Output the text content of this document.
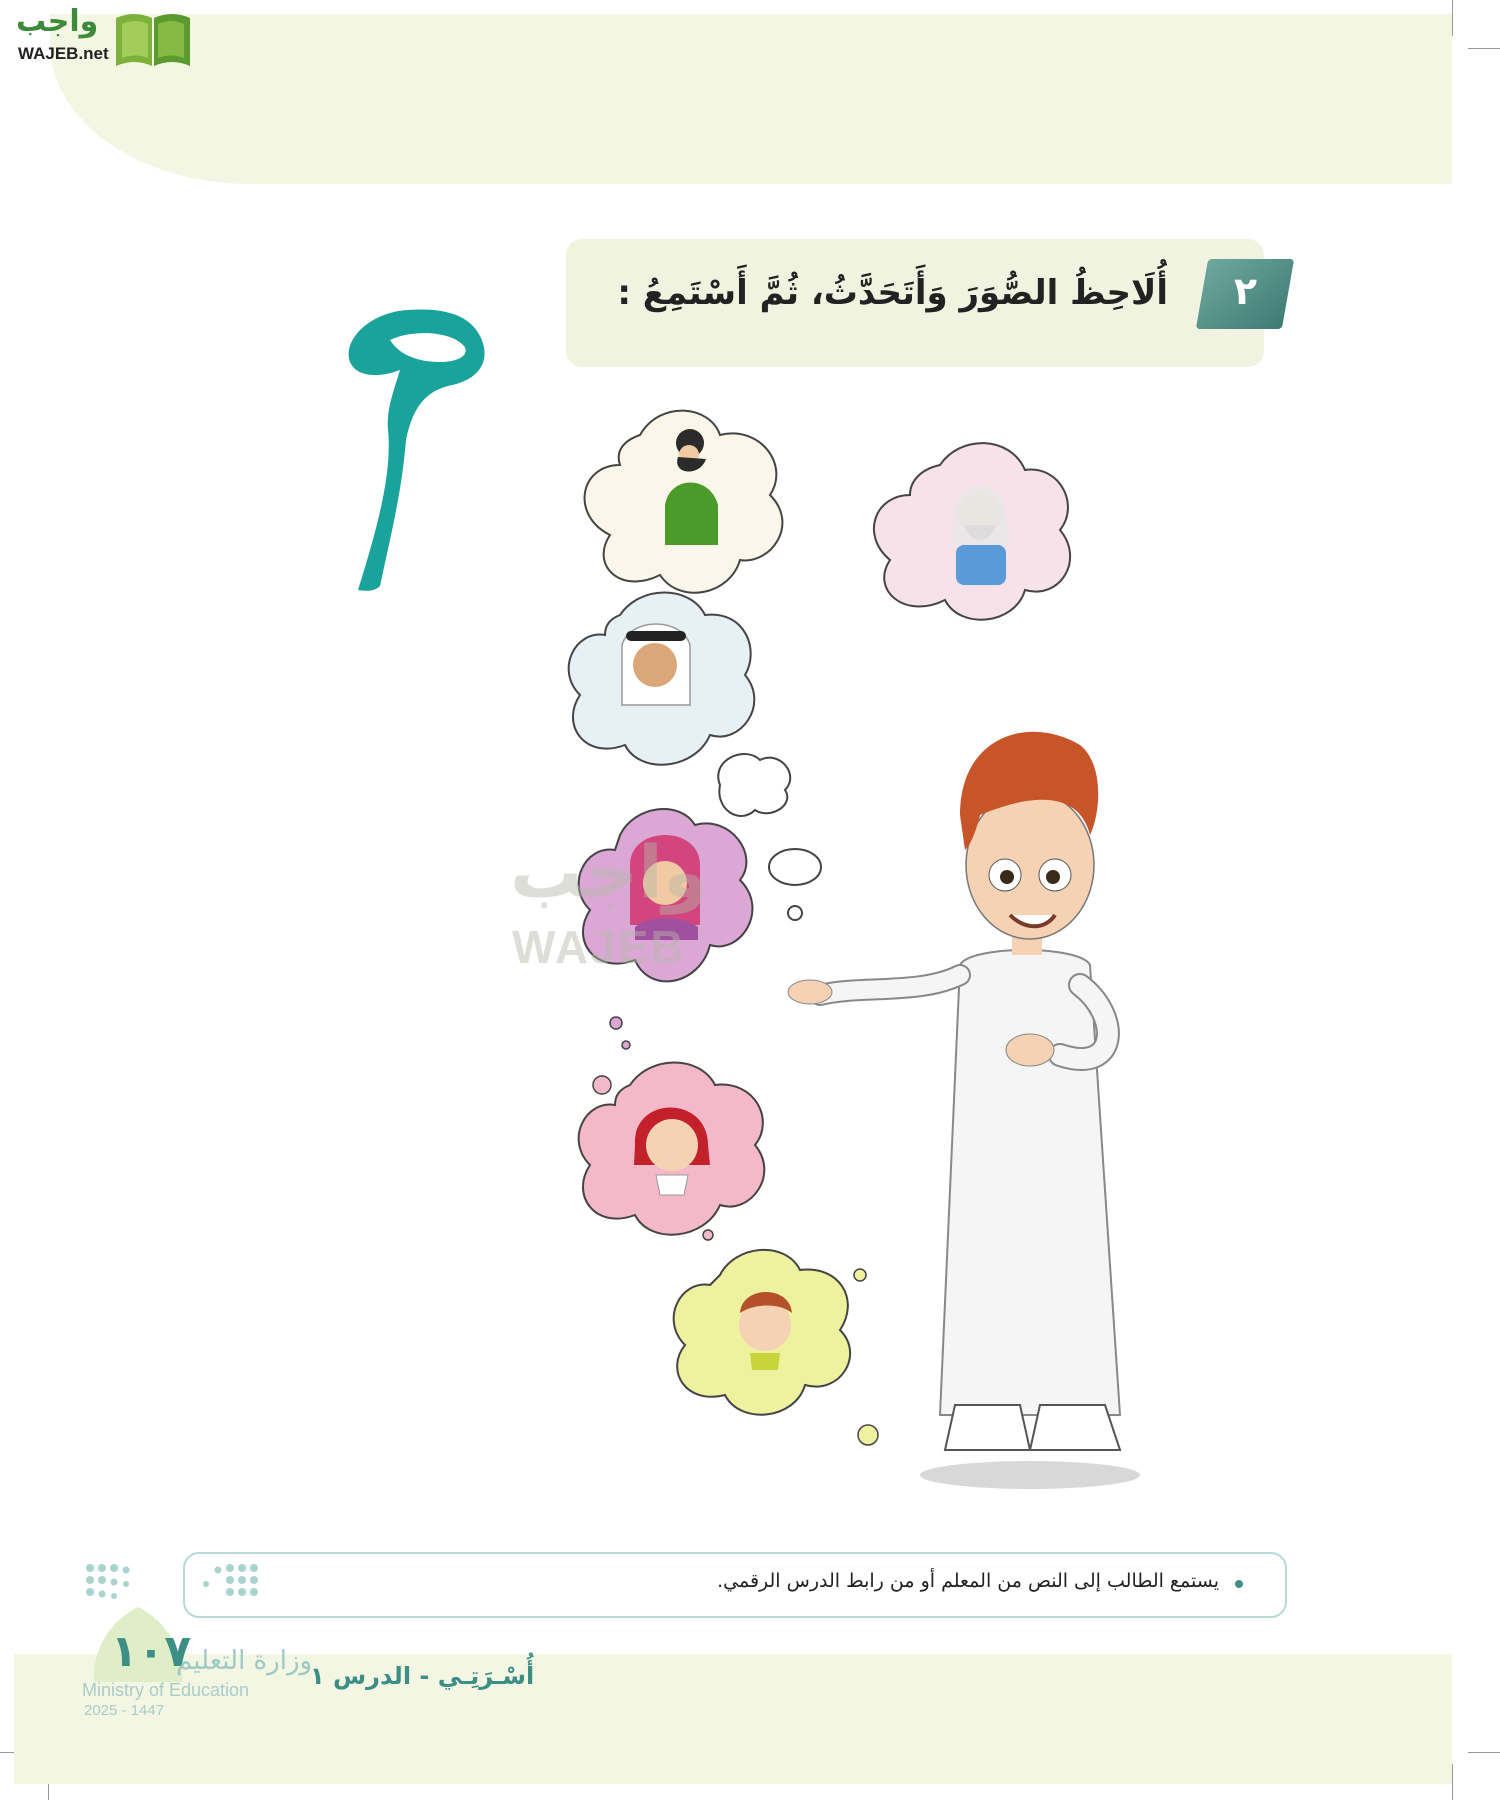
واجب
WAJEB.net
أُلَاحِظُ الصُّوَرَ وَأَتَحَدَّثُ، ثُمَّ أَسْتَمِعُ :	٢
واجب
WAJEB
يستمع الطالب إلى النص من المعلم أو من رابط الدرس الرقمي.
١٠٧
وزارة التعليم
Ministry of Education
2025 - 1447
أُسْـرَتِـي - الدرس ١
